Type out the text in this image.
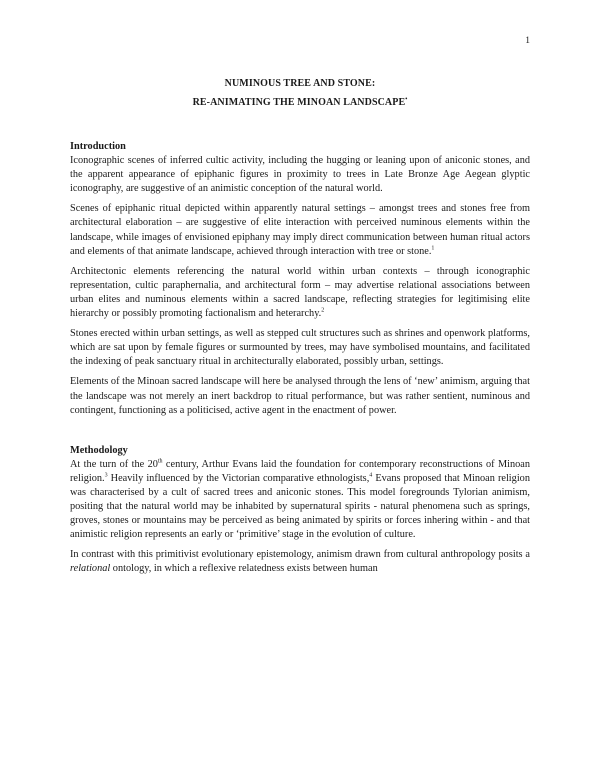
1
NUMINOUS TREE AND STONE:
RE-ANIMATING THE MINOAN LANDSCAPE•
Introduction

Iconographic scenes of inferred cultic activity, including the hugging or leaning upon of aniconic stones, and the apparent appearance of epiphanic figures in proximity to trees in Late Bronze Age Aegean glyptic iconography, are suggestive of an animistic conception of the natural world.

Scenes of epiphanic ritual depicted within apparently natural settings – amongst trees and stones free from architectural elaboration – are suggestive of elite interaction with perceived numinous elements within the landscape, while images of envisioned epiphany may imply direct communication between human ritual actors and elements of that animate landscape, achieved through interaction with tree or stone.$^1$

Architectonic elements referencing the natural world within urban contexts – through iconographic representation, cultic paraphernalia, and architectural form – may advertise relational associations between urban elites and numinous elements within a sacred landscape, reflecting strategies for legitimising elite hierarchy or possibly promoting factionalism and heterarchy.$^2$

Stones erected within urban settings, as well as stepped cult structures such as shrines and openwork platforms, which are sat upon by female figures or surmounted by trees, may have symbolised mountains, and facilitated the indexing of peak sanctuary ritual in architecturally elaborated, possibly urban, settings.

Elements of the Minoan sacred landscape will here be analysed through the lens of ‘new’ animism, arguing that the landscape was not merely an inert backdrop to ritual performance, but was rather sentient, numinous and contingent, functioning as a politicised, active agent in the enactment of power.

Methodology

At the turn of the 20th century, Arthur Evans laid the foundation for contemporary reconstructions of Minoan religion.$^3$ Heavily influenced by the Victorian comparative ethnologists,$^4$ Evans proposed that Minoan religion was characterised by a cult of sacred trees and aniconic stones. This model foregrounds Tylorian animism, positing that the natural world may be inhabited by supernatural spirits - natural phenomena such as springs, groves, stones or mountains may be perceived as being animated by spirits or forces inhering within - and that animistic religion represents an early or ‘primitive’ stage in the evolution of culture.

In contrast with this primitivist evolutionary epistemology, animism drawn from cultural anthropology posits a relational ontology, in which a reflexive relatedness exists between human
